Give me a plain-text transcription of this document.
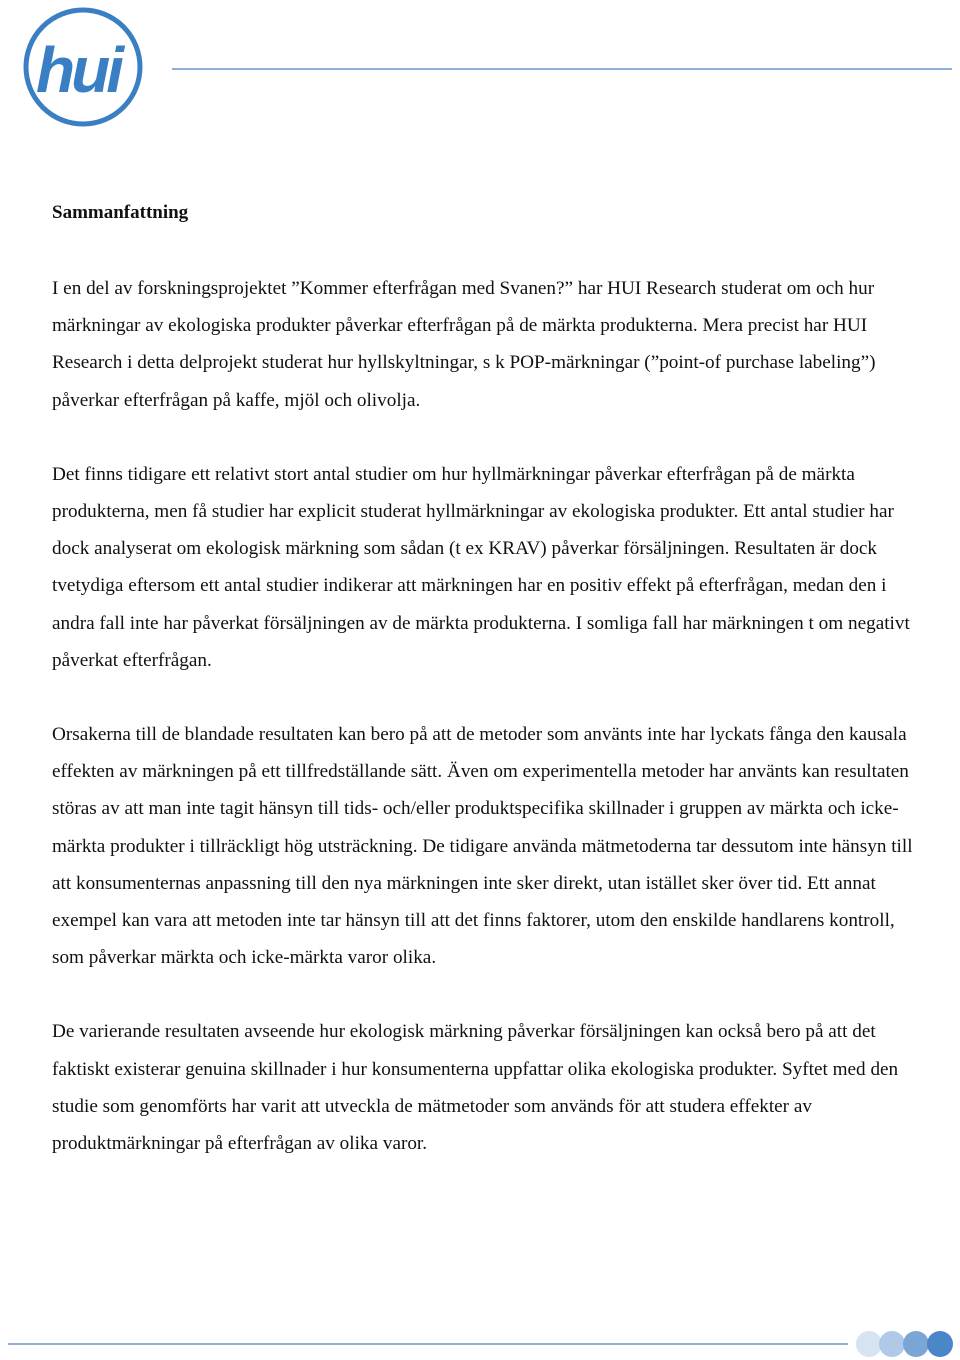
hui
Sammanfattning

I en del av forskningsprojektet ”Kommer efterfrågan med Svanen?” har HUI Research studerat om och hur märkningar av ekologiska produkter påverkar efterfrågan på de märkta produkterna. Mera precist har HUI Research i detta delprojekt studerat hur hyllskyltningar, s k POP-märkningar (”point-of purchase labeling”) påverkar efterfrågan på kaffe, mjöl och olivolja.

Det finns tidigare ett relativt stort antal studier om hur hyllmärkningar påverkar efterfrågan på de märkta produkterna, men få studier har explicit studerat hyllmärkningar av ekologiska produkter. Ett antal studier har dock analyserat om ekologisk märkning som sådan (t ex KRAV) påverkar försäljningen. Resultaten är dock tvetydiga eftersom ett antal studier indikerar att märkningen har en positiv effekt på efterfrågan, medan den i andra fall inte har påverkat försäljningen av de märkta produkterna. I somliga fall har märkningen t om negativt påverkat efterfrågan.

Orsakerna till de blandade resultaten kan bero på att de metoder som använts inte har lyckats fånga den kausala effekten av märkningen på ett tillfredställande sätt. Även om experimentella metoder har använts kan resultaten störas av att man inte tagit hänsyn till tids- och/eller produktspecifika skillnader i gruppen av märkta och icke-märkta produkter i tillräckligt hög utsträckning. De tidigare använda mätmetoderna tar dessutom inte hänsyn till att konsumenternas anpassning till den nya märkningen inte sker direkt, utan istället sker över tid. Ett annat exempel kan vara att metoden inte tar hänsyn till att det finns faktorer, utom den enskilde handlarens kontroll, som påverkar märkta och icke-märkta varor olika.

De varierande resultaten avseende hur ekologisk märkning påverkar försäljningen kan också bero på att det faktiskt existerar genuina skillnader i hur konsumenterna uppfattar olika ekologiska produkter. Syftet med den studie som genomförts har varit att utveckla de mätmetoder som används för att studera effekter av produktmärkningar på efterfrågan av olika varor.
